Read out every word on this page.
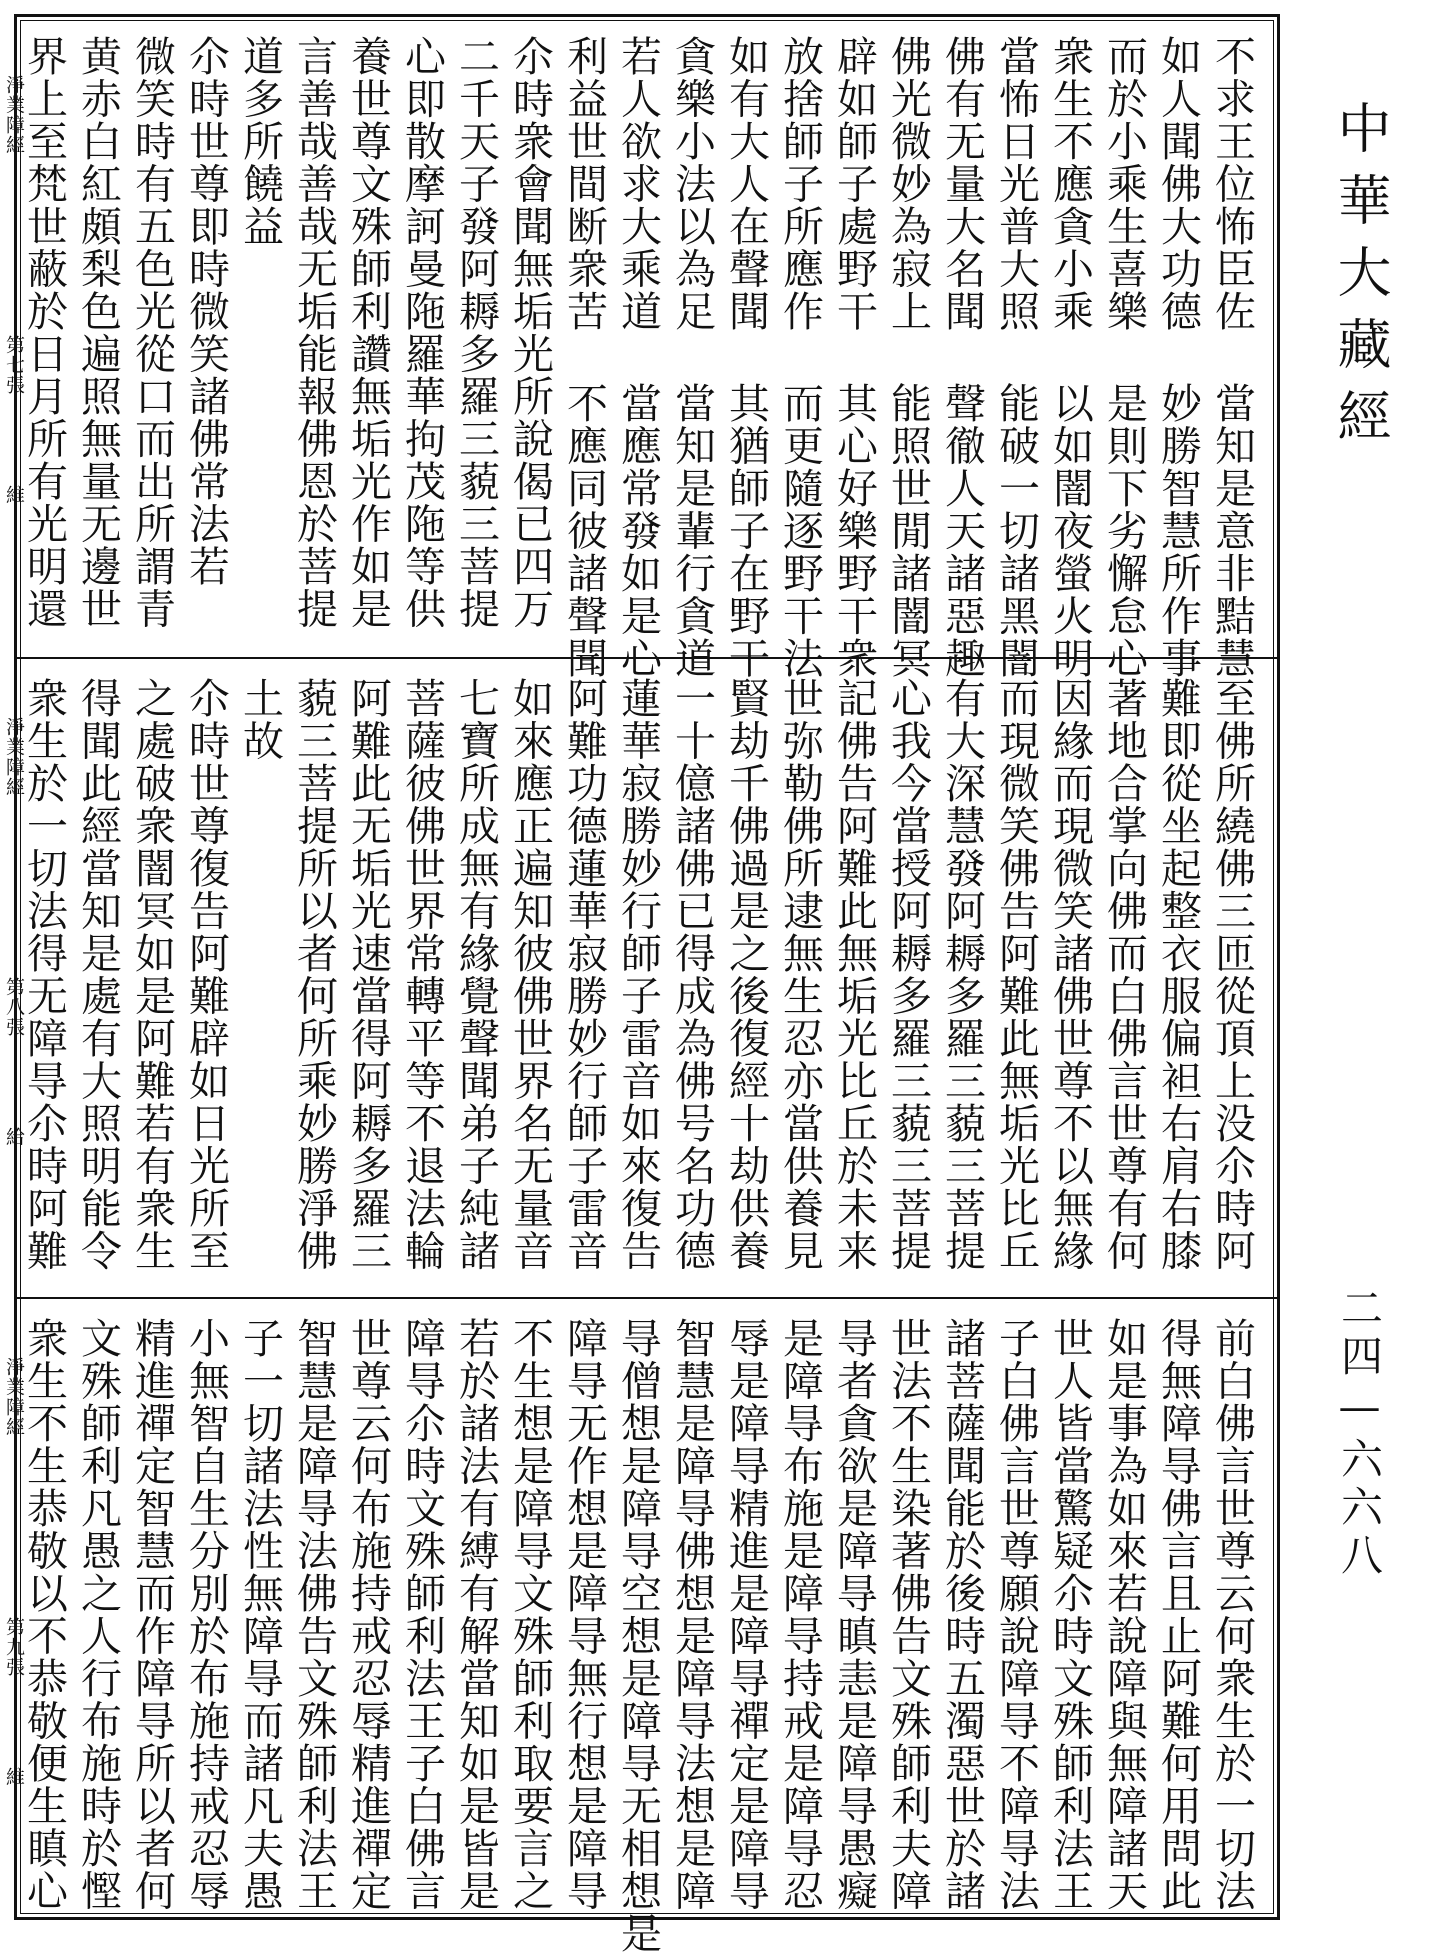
中華大藏經
二四—六六八
不求王位怖臣佐 當知是意非黠慧
如人聞佛大功德 妙勝智慧所作事
而於小乘生喜樂 是則下劣懈怠心
衆生不應貪小乘 以如闇夜螢火明
當怖日光普大照 能破一切諸黑闇
佛有无量大名聞 聲徹人天諸惡趣
佛光微妙為寂上 能照世閒諸闇冥
辟如師子處野干 其心好樂野干衆
放捨師子所應作 而更隨逐野干法
如有大人在聲聞 其猶師子在野干
貪樂小法以為足 當知是輩行貪道
若人欲求大乘道 當應常發如是心
利益世間断衆苦 不應同彼諸聲聞
尒時衆會聞無垢光所說偈已四万
二千天子發阿耨多羅三藐三菩提
心即散摩訶曼陁羅華拘茂陁等供
養世尊文殊師利讚無垢光作如是
言善哉善哉无垢能報佛恩於菩提
道多所饒益
尒時世尊即時微笑諸佛常法若
微笑時有五色光從口而出所謂青
黄赤白紅頗梨色遍照無量无邊世
界上至梵世蔽於日月所有光明還
淨業障經
第七張
維
至佛所繞佛三匝從頂上没尒時阿
難即從坐起整衣服偏袒右肩右膝
著地合掌向佛而白佛言世尊有何
因緣而現微笑諸佛世尊不以無緣
而現微笑佛告阿難此無垢光比丘
有大深慧發阿耨多羅三藐三菩提
心我今當授阿耨多羅三藐三菩提
記佛告阿難此無垢光比丘於未来
世弥勒佛所逮無生忍亦當供養見
賢劫千佛過是之後復經十劫供養
一十億諸佛已得成為佛号名功德
蓮華寂勝妙行師子雷音如來復告
阿難功德蓮華寂勝妙行師子雷音
如來應正遍知彼佛世界名无量音
七寶所成無有緣覺聲聞弟子純諸
菩薩彼佛世界常轉平等不退法輪
阿難此无垢光速當得阿耨多羅三
藐三菩提所以者何所乘妙勝淨佛
土故
尒時世尊復告阿難辟如日光所至
之處破衆闇冥如是阿難若有衆生
得聞此經當知是處有大照明能令
衆生於一切法得无障㝵尒時阿難
淨業障經
第八張
給
前白佛言世尊云何衆生於一切法
得無障㝵佛言且止阿難何用問此
如是事為如來若說障與無障諸天
世人皆當驚疑尒時文殊師利法王
子白佛言世尊願說障㝵不障㝵法
諸菩薩聞能於後時五濁惡世於諸
世法不生染著佛告文殊師利夫障
㝵者貪欲是障㝵瞋恚是障㝵愚癡
是障㝵布施是障㝵持戒是障㝵忍
辱是障㝵精進是障㝵禪定是障㝵
智慧是障㝵佛想是障㝵法想是障
㝵僧想是障㝵空想是障㝵无相想是
障㝵无作想是障㝵無行想是障㝵
不生想是障㝵文殊師利取要言之
若於諸法有縛有解當知如是皆是
障㝵尒時文殊師利法王子白佛言
世尊云何布施持戒忍辱精進禪定
智慧是障㝵法佛告文殊師利法王
子一切諸法性無障㝵而諸凡夫愚
小無智自生分別於布施持戒忍辱
精進禪定智慧而作障㝵所以者何
文殊師利凡愚之人行布施時於慳
衆生不生恭敬以不恭敬便生瞋心
淨業障經
第九張
維
